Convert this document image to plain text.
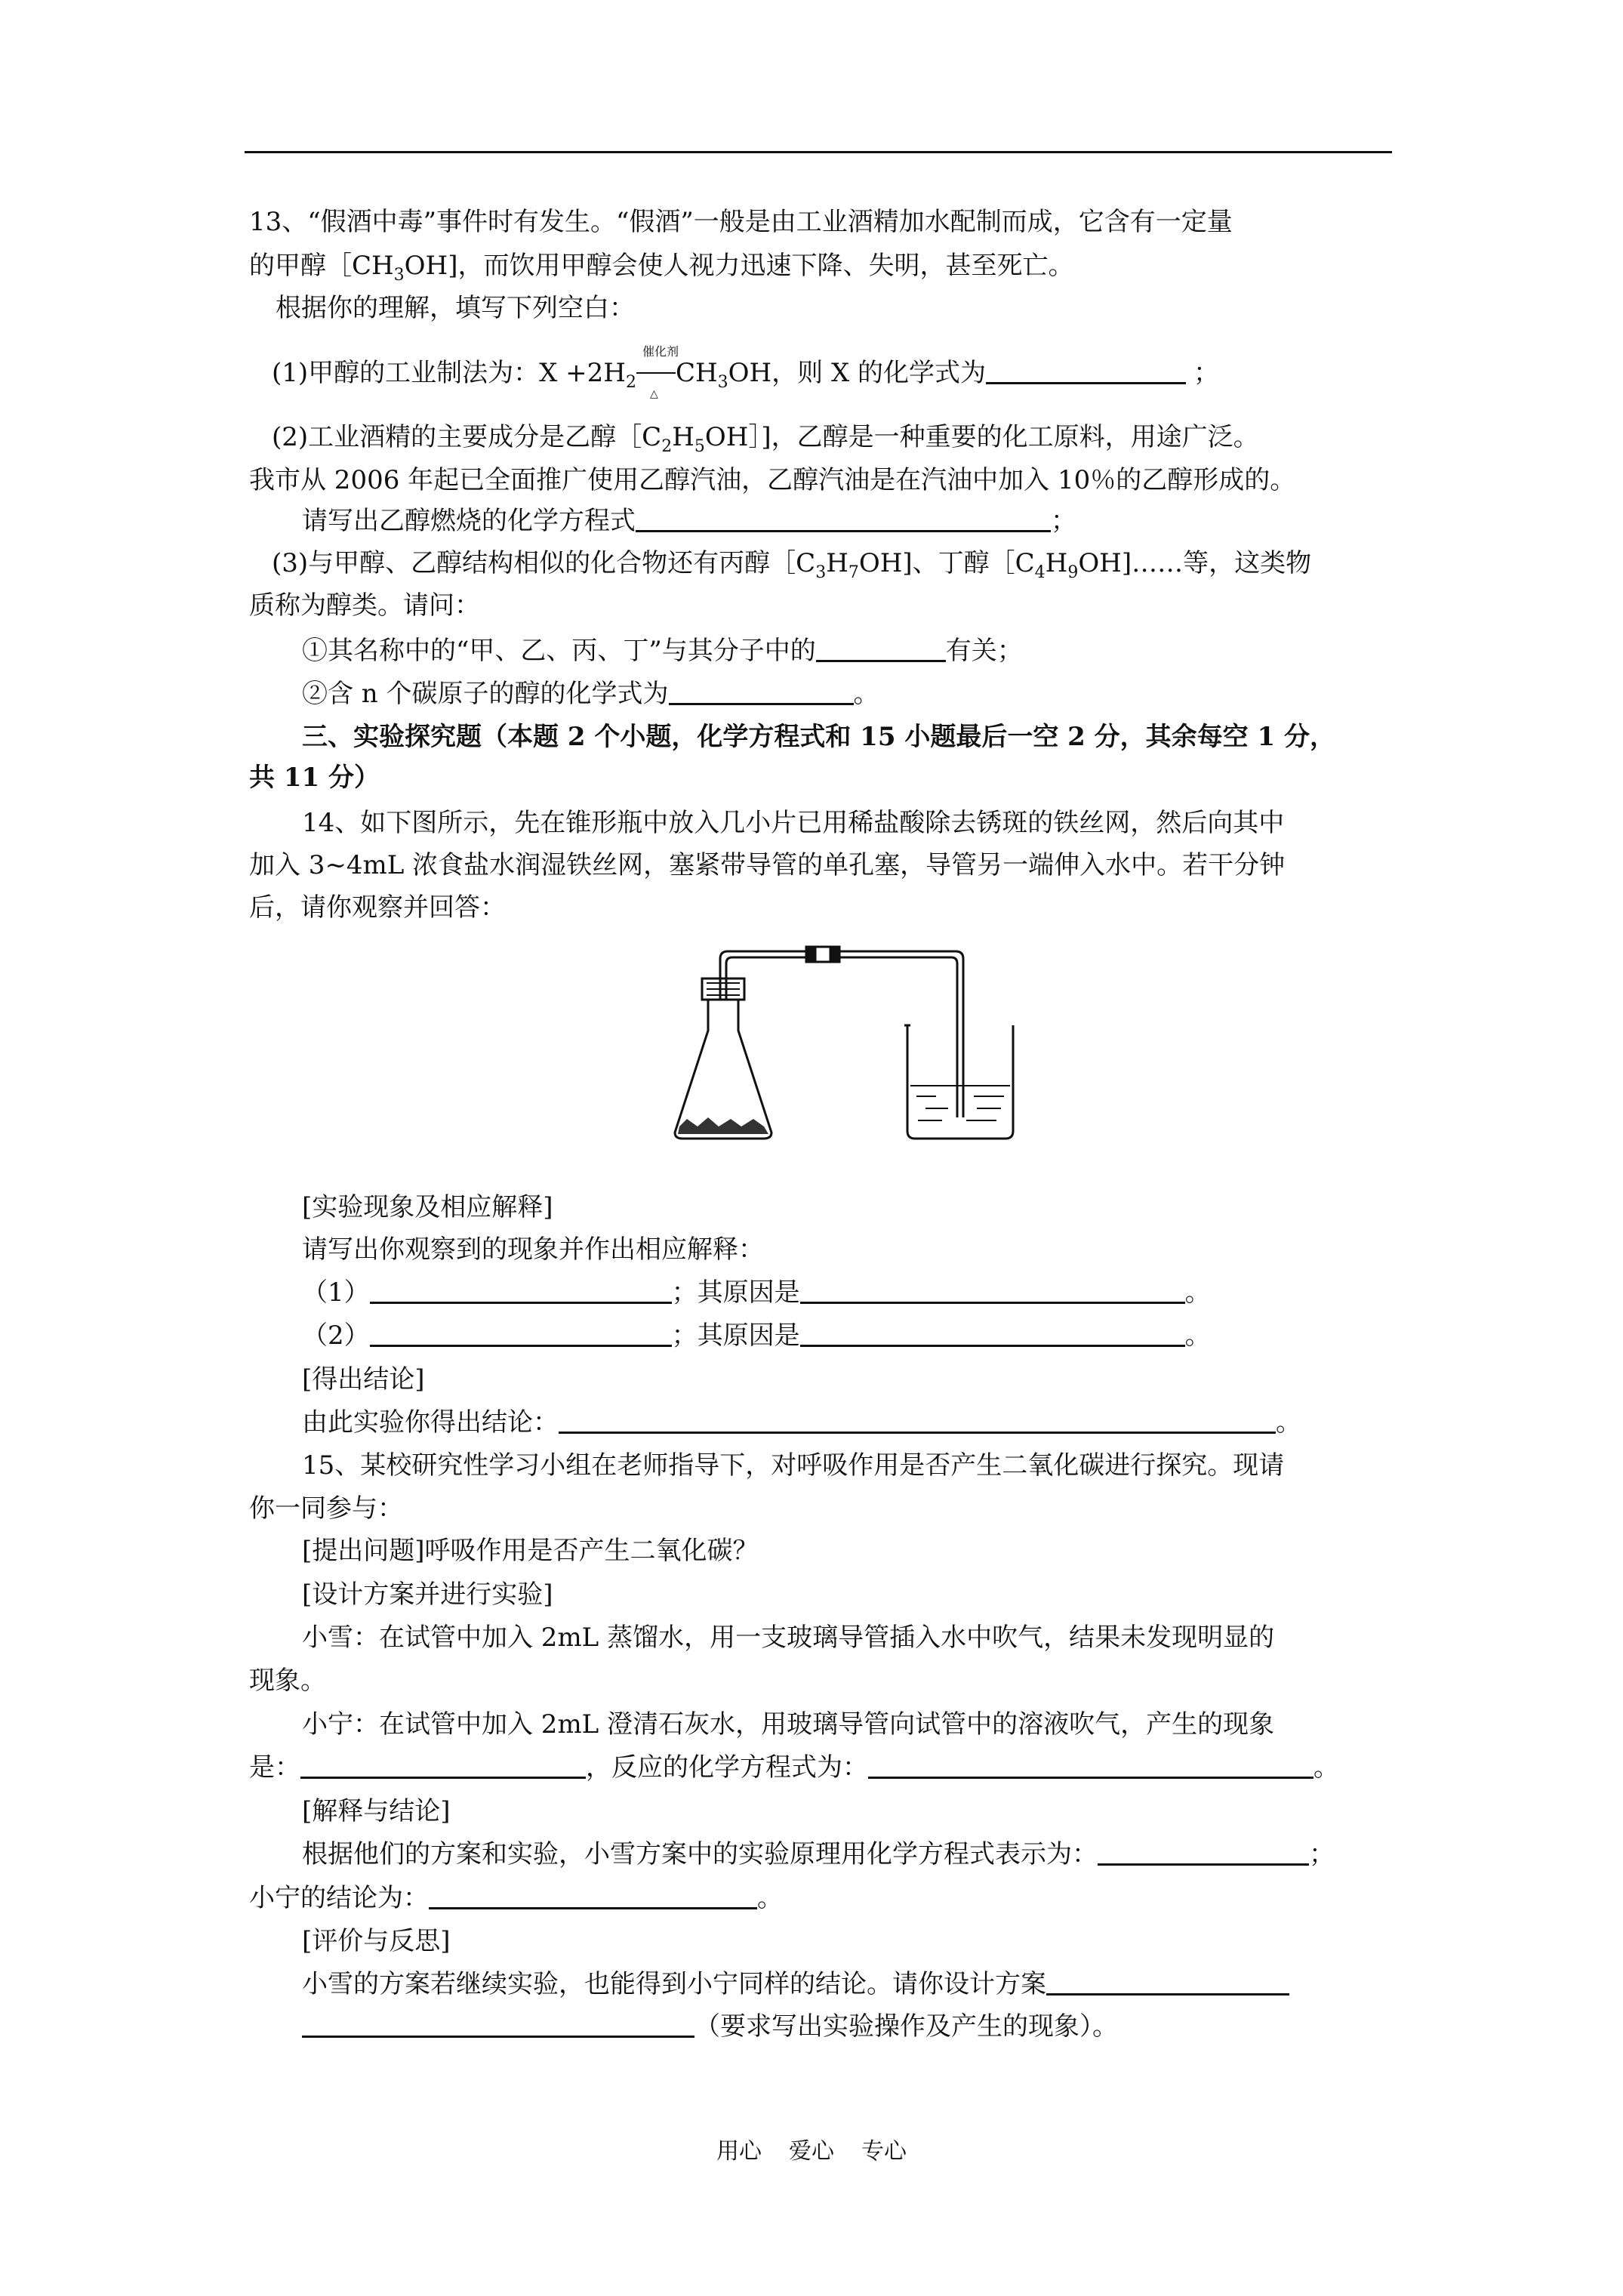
13、“假酒中毒”事件时有发生。“假酒”一般是由工业酒精加水配制而成，它含有一定量
的甲醇$[CH_3OH$]，而饮用甲醇会使人视力迅速下降、失明，甚至死亡。
根据你的理解，填写下列空白：
(1)甲醇的工业制法为：$X +2H_2$
催化剂
△
$CH_3OH$，则 X 的化学式为	；
(2)工业酒精的主要成分是乙醇$[C_2H_5OH]$]，乙醇是一种重要的化工原料，用途广泛。
我市从 2006 年起已全面推广使用乙醇汽油，乙醇汽油是在汽油中加入 10％的乙醇形成的。
请写出乙醇燃烧的化学方程式	；
(3)与甲醇、乙醇结构相似的化合物还有丙醇$[C_3H_7OH$]、丁醇$[C_4H_9OH]\dots\dots$等，这类物
质称为醇类。请问：
①其名称中的“甲、乙、丙、丁”与其分子中的	有关；
②含 n 个碳原子的醇的化学式为	。
三、实验探究题（本题 2 个小题，化学方程式和 15 小题最后一空 2 分，其余每空 1 分，
共 11 分）
14、如下图所示，先在锥形瓶中放入几小片已用稀盐酸除去锈斑的铁丝网，然后向其中
加入 3~4mL 浓食盐水润湿铁丝网，塞紧带导管的单孔塞，导管另一端伸入水中。若干分钟
后，请你观察并回答：
[实验现象及相应解释]
请写出你观察到的现象并作出相应解释：
（1）	；其原因是	。
（2）	；其原因是	。
[得出结论]
由此实验你得出结论：	。
15、某校研究性学习小组在老师指导下，对呼吸作用是否产生二氧化碳进行探究。现请
你一同参与：
[提出问题]呼吸作用是否产生二氧化碳？
[设计方案并进行实验]
小雪：在试管中加入 2mL 蒸馏水，用一支玻璃导管插入水中吹气，结果未发现明显的
现象。
小宁：在试管中加入 2mL 澄清石灰水，用玻璃导管向试管中的溶液吹气，产生的现象
是：	，反应的化学方程式为：	。
[解释与结论]
根据他们的方案和实验，小雪方案中的实验原理用化学方程式表示为：	；
小宁的结论为：	。
[评价与反思]
小雪的方案若继续实验，也能得到小宁同样的结论。请你设计方案
（要求写出实验操作及产生的现象）。
用心 爱心 专心
